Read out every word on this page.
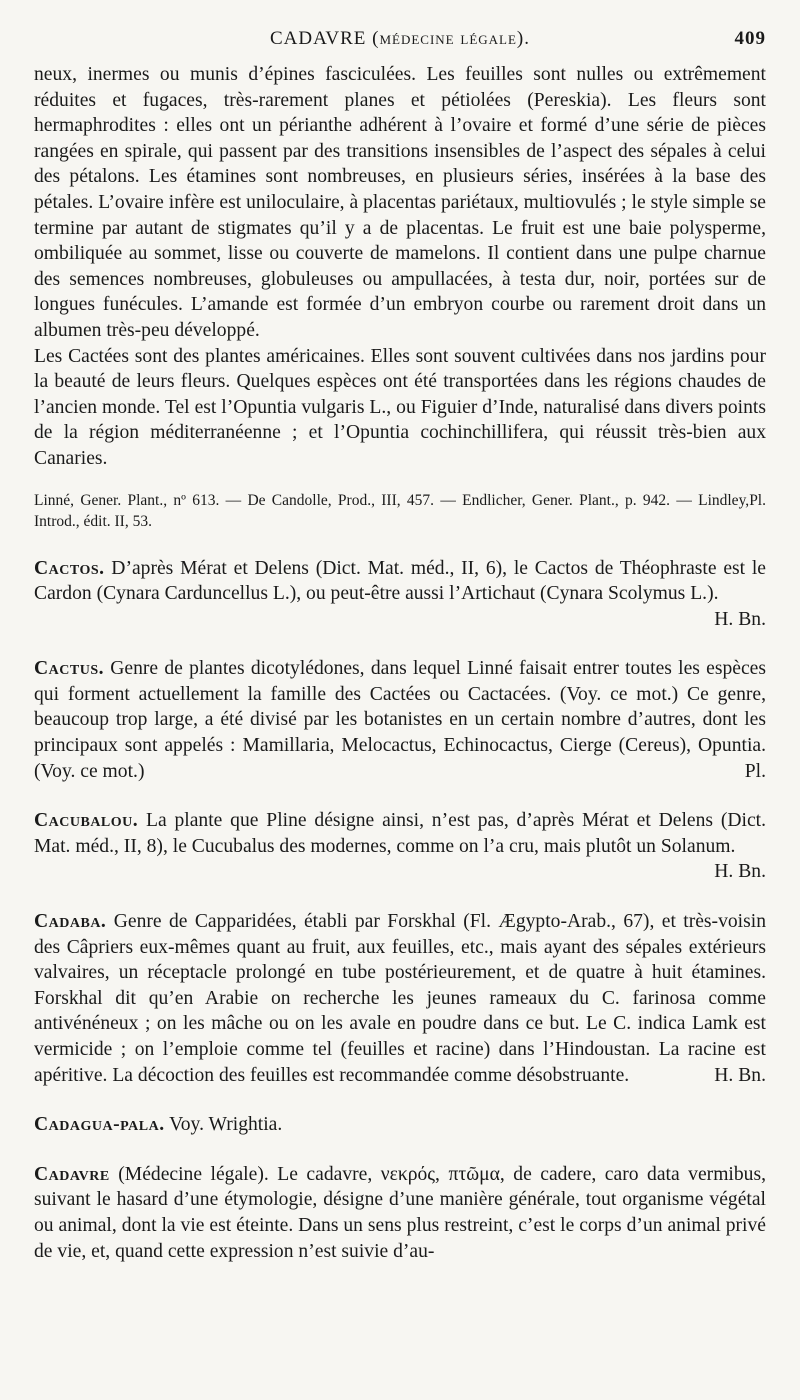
CADAVRE (médecine légale).	409

neux, inermes ou munis d’épines fasciculées. Les feuilles sont nulles ou extrêmement réduites et fugaces, très-rarement planes et pétiolées (Pereskia). Les fleurs sont hermaphrodites : elles ont un périanthe adhérent à l’ovaire et formé d’une série de pièces rangées en spirale, qui passent par des transitions insensibles de l’aspect des sépales à celui des pétalons. Les étamines sont nombreuses, en plusieurs séries, insérées à la base des pétales. L’ovaire infère est uniloculaire, à placentas pariétaux, multiovulés ; le style simple se termine par autant de stigmates qu’il y a de placentas. Le fruit est une baie polysperme, ombiliquée au sommet, lisse ou couverte de mamelons. Il contient dans une pulpe charnue des semences nombreuses, globuleuses ou ampullacées, à testa dur, noir, portées sur de longues funécules. L’amande est formée d’un embryon courbe ou rarement droit dans un albumen très-peu développé.

Les Cactées sont des plantes américaines. Elles sont souvent cultivées dans nos jardins pour la beauté de leurs fleurs. Quelques espèces ont été transportées dans les régions chaudes de l’ancien monde. Tel est l’Opuntia vulgaris L., ou Figuier d’Inde, naturalisé dans divers points de la région méditerranéenne ; et l’Opuntia cochinchillifera, qui réussit très-bien aux Canaries.

Pl.
Linné, Gener. Plant., nº 613. — De Candolle, Prod., III, 457. — Endlicher, Gener. Plant., p. 942. — Lindley, Introd., édit. II, 53.
Cactos. D’après Mérat et Delens (Dict. Mat. méd., II, 6), le Cactos de Théophraste est le Cardon (Cynara Carduncellus L.), ou peut-être aussi l’Artichaut (Cynara Scolymus L.).
H. Bn.
Cactus. Genre de plantes dicotylédones, dans lequel Linné faisait entrer toutes les espèces qui forment actuellement la famille des Cactées ou Cactacées. (Voy. ce mot.) Ce genre, beaucoup trop large, a été divisé par les botanistes en un certain nombre d’autres, dont les principaux sont appelés : Mamillaria, Melocactus, Echinocactus, Cierge (Cereus), Opuntia. (Voy. ce mot.)	Pl.
Cacubalou. La plante que Pline désigne ainsi, n’est pas, d’après Mérat et Delens (Dict. Mat. méd., II, 8), le Cucubalus des modernes, comme on l’a cru, mais plutôt un Solanum.
H. Bn.
Cadaba. Genre de Capparidées, établi par Forskhal (Fl. Ægypto-Arab., 67), et très-voisin des Câpriers eux-mêmes quant au fruit, aux feuilles, etc., mais ayant des sépales extérieurs valvaires, un réceptacle prolongé en tube postérieurement, et de quatre à huit étamines. Forskhal dit qu’en Arabie on recherche les jeunes rameaux du C. farinosa comme antivénéneux ; on les mâche ou on les avale en poudre dans ce but. Le C. indica Lamk est vermicide ; on l’emploie comme tel (feuilles et racine) dans l’Hindoustan. La racine est apéritive. La décoction des feuilles est recommandée comme désobstruante.	H. Bn.
Cadagua-pala. Voy. Wrightia.
Cadavre (Médecine légale). Le cadavre, νεκρός, πτῶμα, de cadere, caro data vermibus, suivant le hasard d’une étymologie, désigne d’une manière générale, tout organisme végétal ou animal, dont la vie est éteinte. Dans un sens plus restreint, c’est le corps d’un animal privé de vie, et, quand cette expression n’est suivie d’au-
